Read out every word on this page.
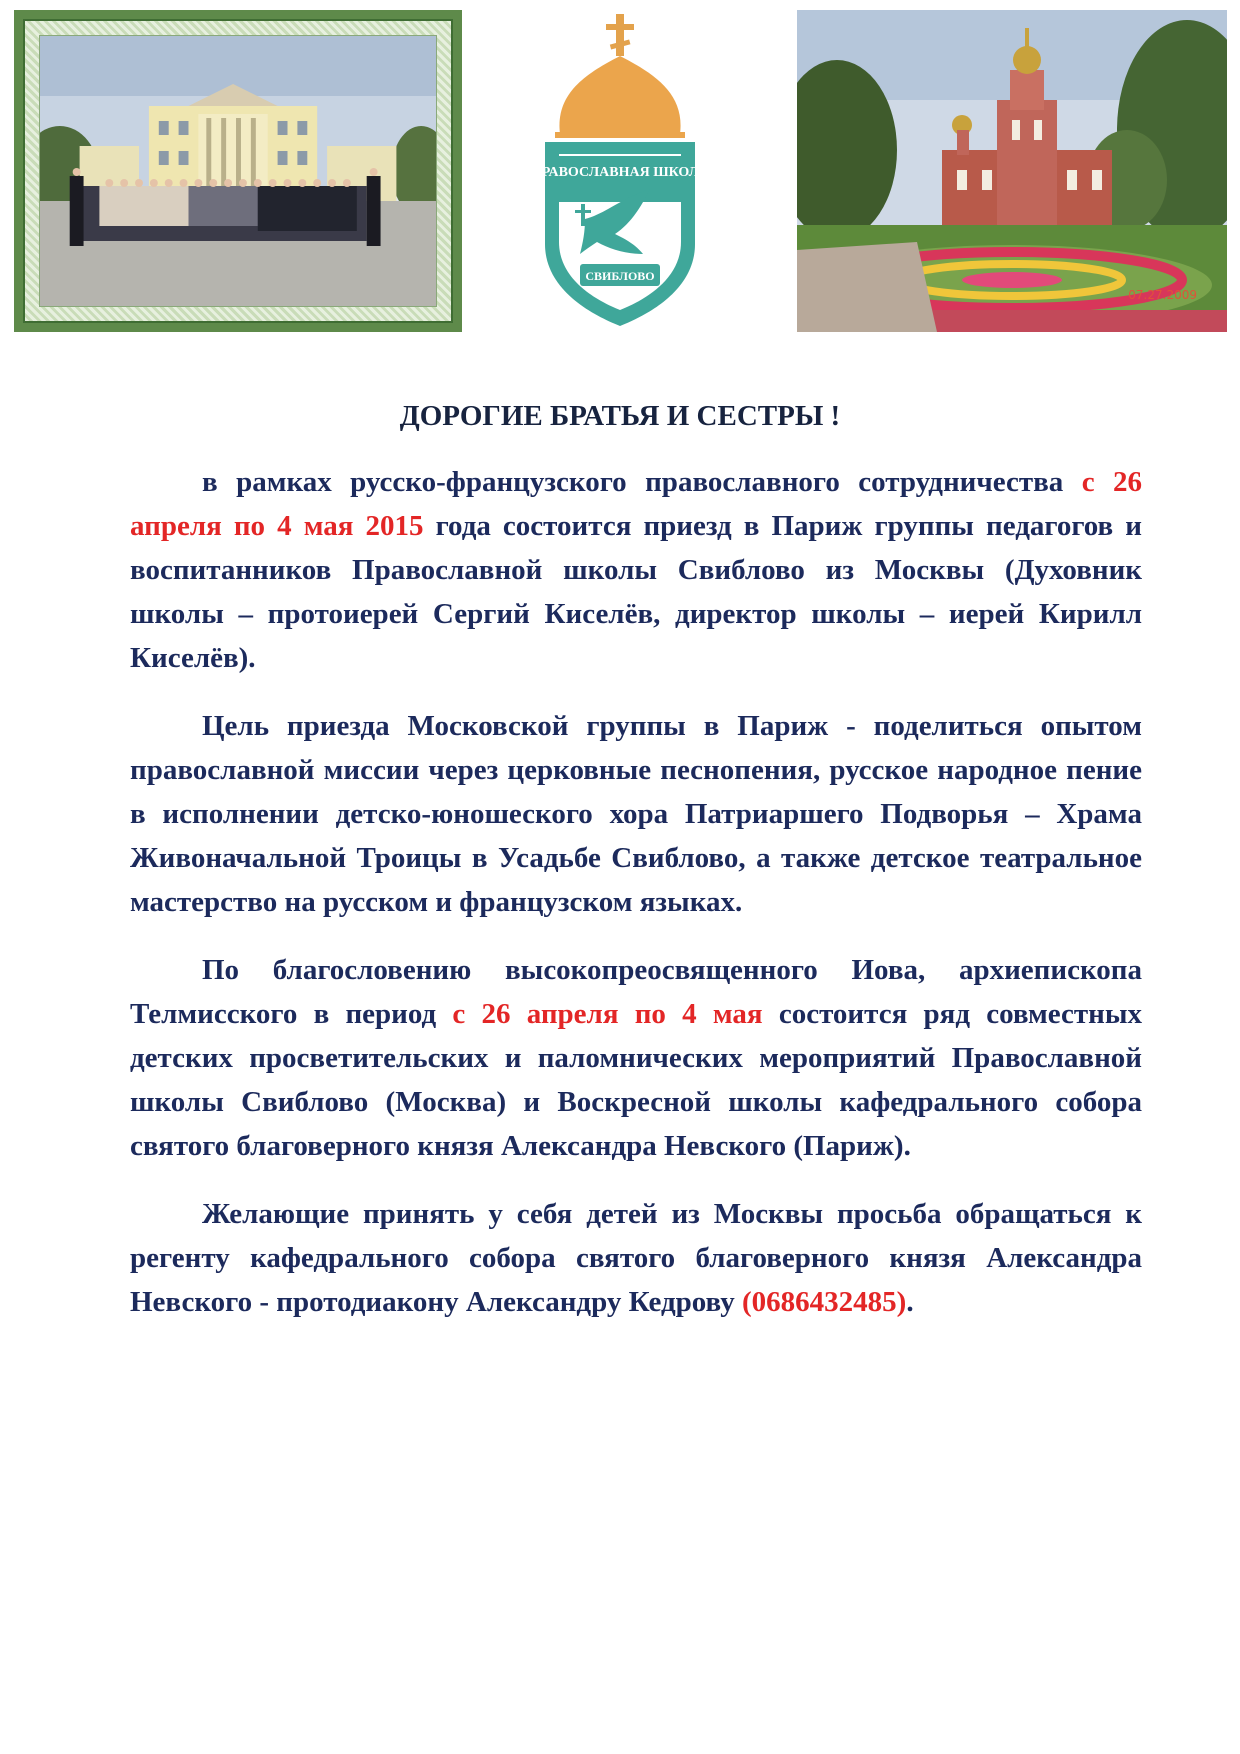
ПРАВОСЛАВНАЯ ШКОЛА
СВИБЛОВО
07.27.2009
ДОРОГИЕ БРАТЬЯ И СЕСТРЫ !

в рамках русско-французского православного сотрудничества с 26 апреля по 4 мая 2015 года состоится приезд в Париж группы педагогов и воспитанников Православной школы Свиблово из Москвы (Духовник школы – протоиерей Сергий Киселёв, директор школы – иерей Кирилл Киселёв).

Цель приезда Московской группы в Париж - поделиться опытом православной миссии через церковные песнопения, русское народное пение в исполнении детско-юношеского хора Патриаршего Подворья – Храма Живоначальной Троицы в Усадьбе Свиблово, а также детское театральное мастерство на русском и французском языках.

По благословению высокопреосвященного Иова, архиепископа Телмисского в период с 26 апреля по 4 мая состоится ряд совместных детских просветительских и паломнических мероприятий Православной школы Свиблово (Москва) и Воскресной школы кафедрального собора святого благоверного князя Александра Невского (Париж).

Желающие принять у себя детей из Москвы просьба обращаться к регенту кафедрального собора святого благоверного князя Александра Невского - протодиакону Александру Кедрову (0686432485).
